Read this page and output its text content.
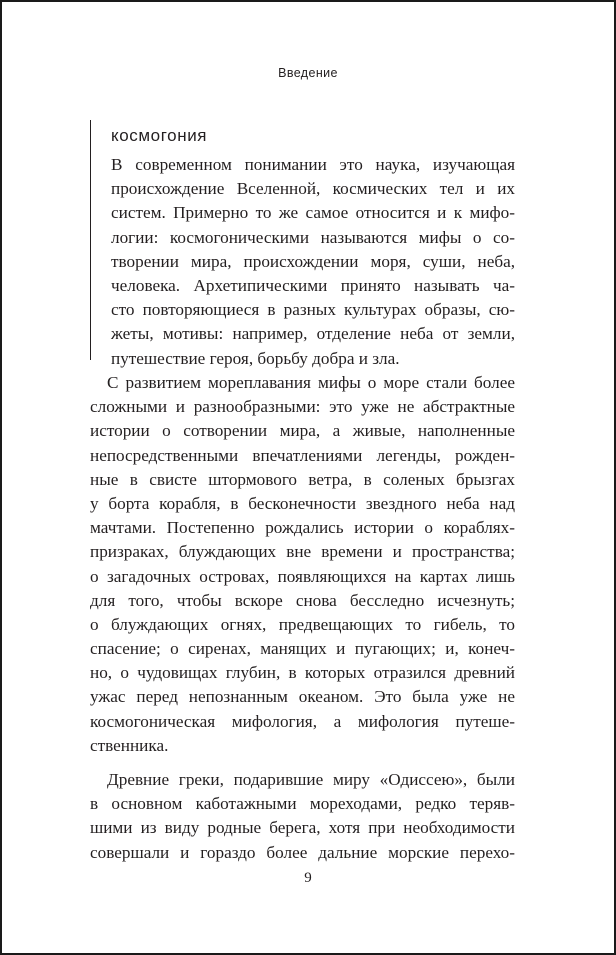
Введение
космогония
В современном понимании это наука, изучающая
происхождение Вселенной, космических тел и их
систем. Примерно то же самое относится и к мифо-
логии: космогоническими называются мифы о со-
творении мира, происхождении моря, суши, неба,
человека. Архетипическими принято называть ча-
сто повторяющиеся в разных культурах образы, сю-
жеты, мотивы: например, отделение неба от земли,
путешествие героя, борьбу добра и зла.
С развитием мореплавания мифы о море стали более
сложными и разнообразными: это уже не абстрактные
истории о сотворении мира, а живые, наполненные
непосредственными впечатлениями легенды, рожден-
ные в свисте штормового ветра, в соленых брызгах
у борта корабля, в бесконечности звездного неба над
мачтами. Постепенно рождались истории о кораблях-
призраках, блуждающих вне времени и пространства;
о загадочных островах, появляющихся на картах лишь
для того, чтобы вскоре снова бесследно исчезнуть;
о блуждающих огнях, предвещающих то гибель, то
спасение; о сиренах, манящих и пугающих; и, конеч-
но, о чудовищах глубин, в которых отразился древний
ужас перед непознанным океаном. Это была уже не
космогоническая мифология, а мифология путеше-
ственника.
Древние греки, подарившие миру «Одиссею», были
в основном каботажными мореходами, редко теряв-
шими из виду родные берега, хотя при необходимости
совершали и гораздо более дальние морские перехо-
9
